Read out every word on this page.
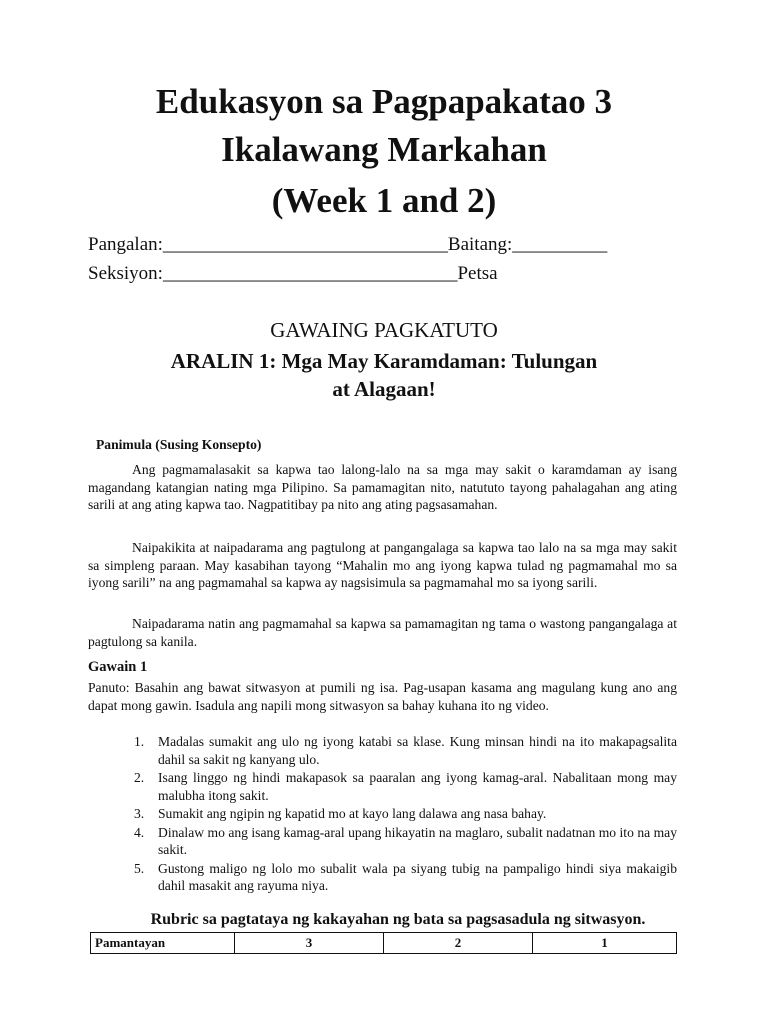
Edukasyon sa Pagpapakatao 3
Ikalawang Markahan
(Week 1 and 2)
Pangalan:______________________________Baitang:__________
Seksiyon:_______________________________Petsa
GAWAING PAGKATUTO
ARALIN 1: Mga May Karamdaman: Tulungan
at Alagaan!
Panimula (Susing Konsepto)
Ang pagmamalasakit sa kapwa tao lalong-lalo na sa mga may sakit o karamdaman ay isang magandang katangian nating mga Pilipino. Sa pamamagitan nito, natututo tayong pahalagahan ang ating sarili at ang ating kapwa tao. Nagpatitibay pa nito ang ating pagsasamahan.
Naipakikita at naipadarama ang pagtulong at pangangalaga sa kapwa tao lalo na sa mga may sakit sa simpleng paraan. May kasabihan tayong “Mahalin mo ang iyong kapwa tulad ng pagmamahal mo sa iyong sarili” na ang pagmamahal sa kapwa ay nagsisimula sa pagmamahal mo sa iyong sarili.
Naipadarama natin ang pagmamahal sa kapwa sa pamamagitan ng tama o wastong pangangalaga at pagtulong sa kanila.
Gawain 1
Panuto: Basahin ang bawat sitwasyon at pumili ng isa. Pag-usapan kasama ang magulang kung ano ang dapat mong gawin. Isadula ang napili mong sitwasyon sa bahay kuhana ito ng video.
1. Madalas sumakit ang ulo ng iyong katabi sa klase. Kung minsan hindi na ito makapagsalita dahil sa sakit ng kanyang ulo.
2. Isang linggo ng hindi makapasok sa paaralan ang iyong kamag-aral. Nabalitaan mong may malubha itong sakit.
3. Sumakit ang ngipin ng kapatid mo at kayo lang dalawa ang nasa bahay.
4. Dinalaw mo ang isang kamag-aral upang hikayatin na maglaro, subalit nadatnan mo ito na may sakit.
5. Gustong maligo ng lolo mo subalit wala pa siyang tubig na pampaligo hindi siya makaigib dahil masakit ang rayuma niya.
Rubric sa pagtataya ng kakayahan ng bata sa pagsasadula ng sitwasyon.
Pamantayan	3	2	1
